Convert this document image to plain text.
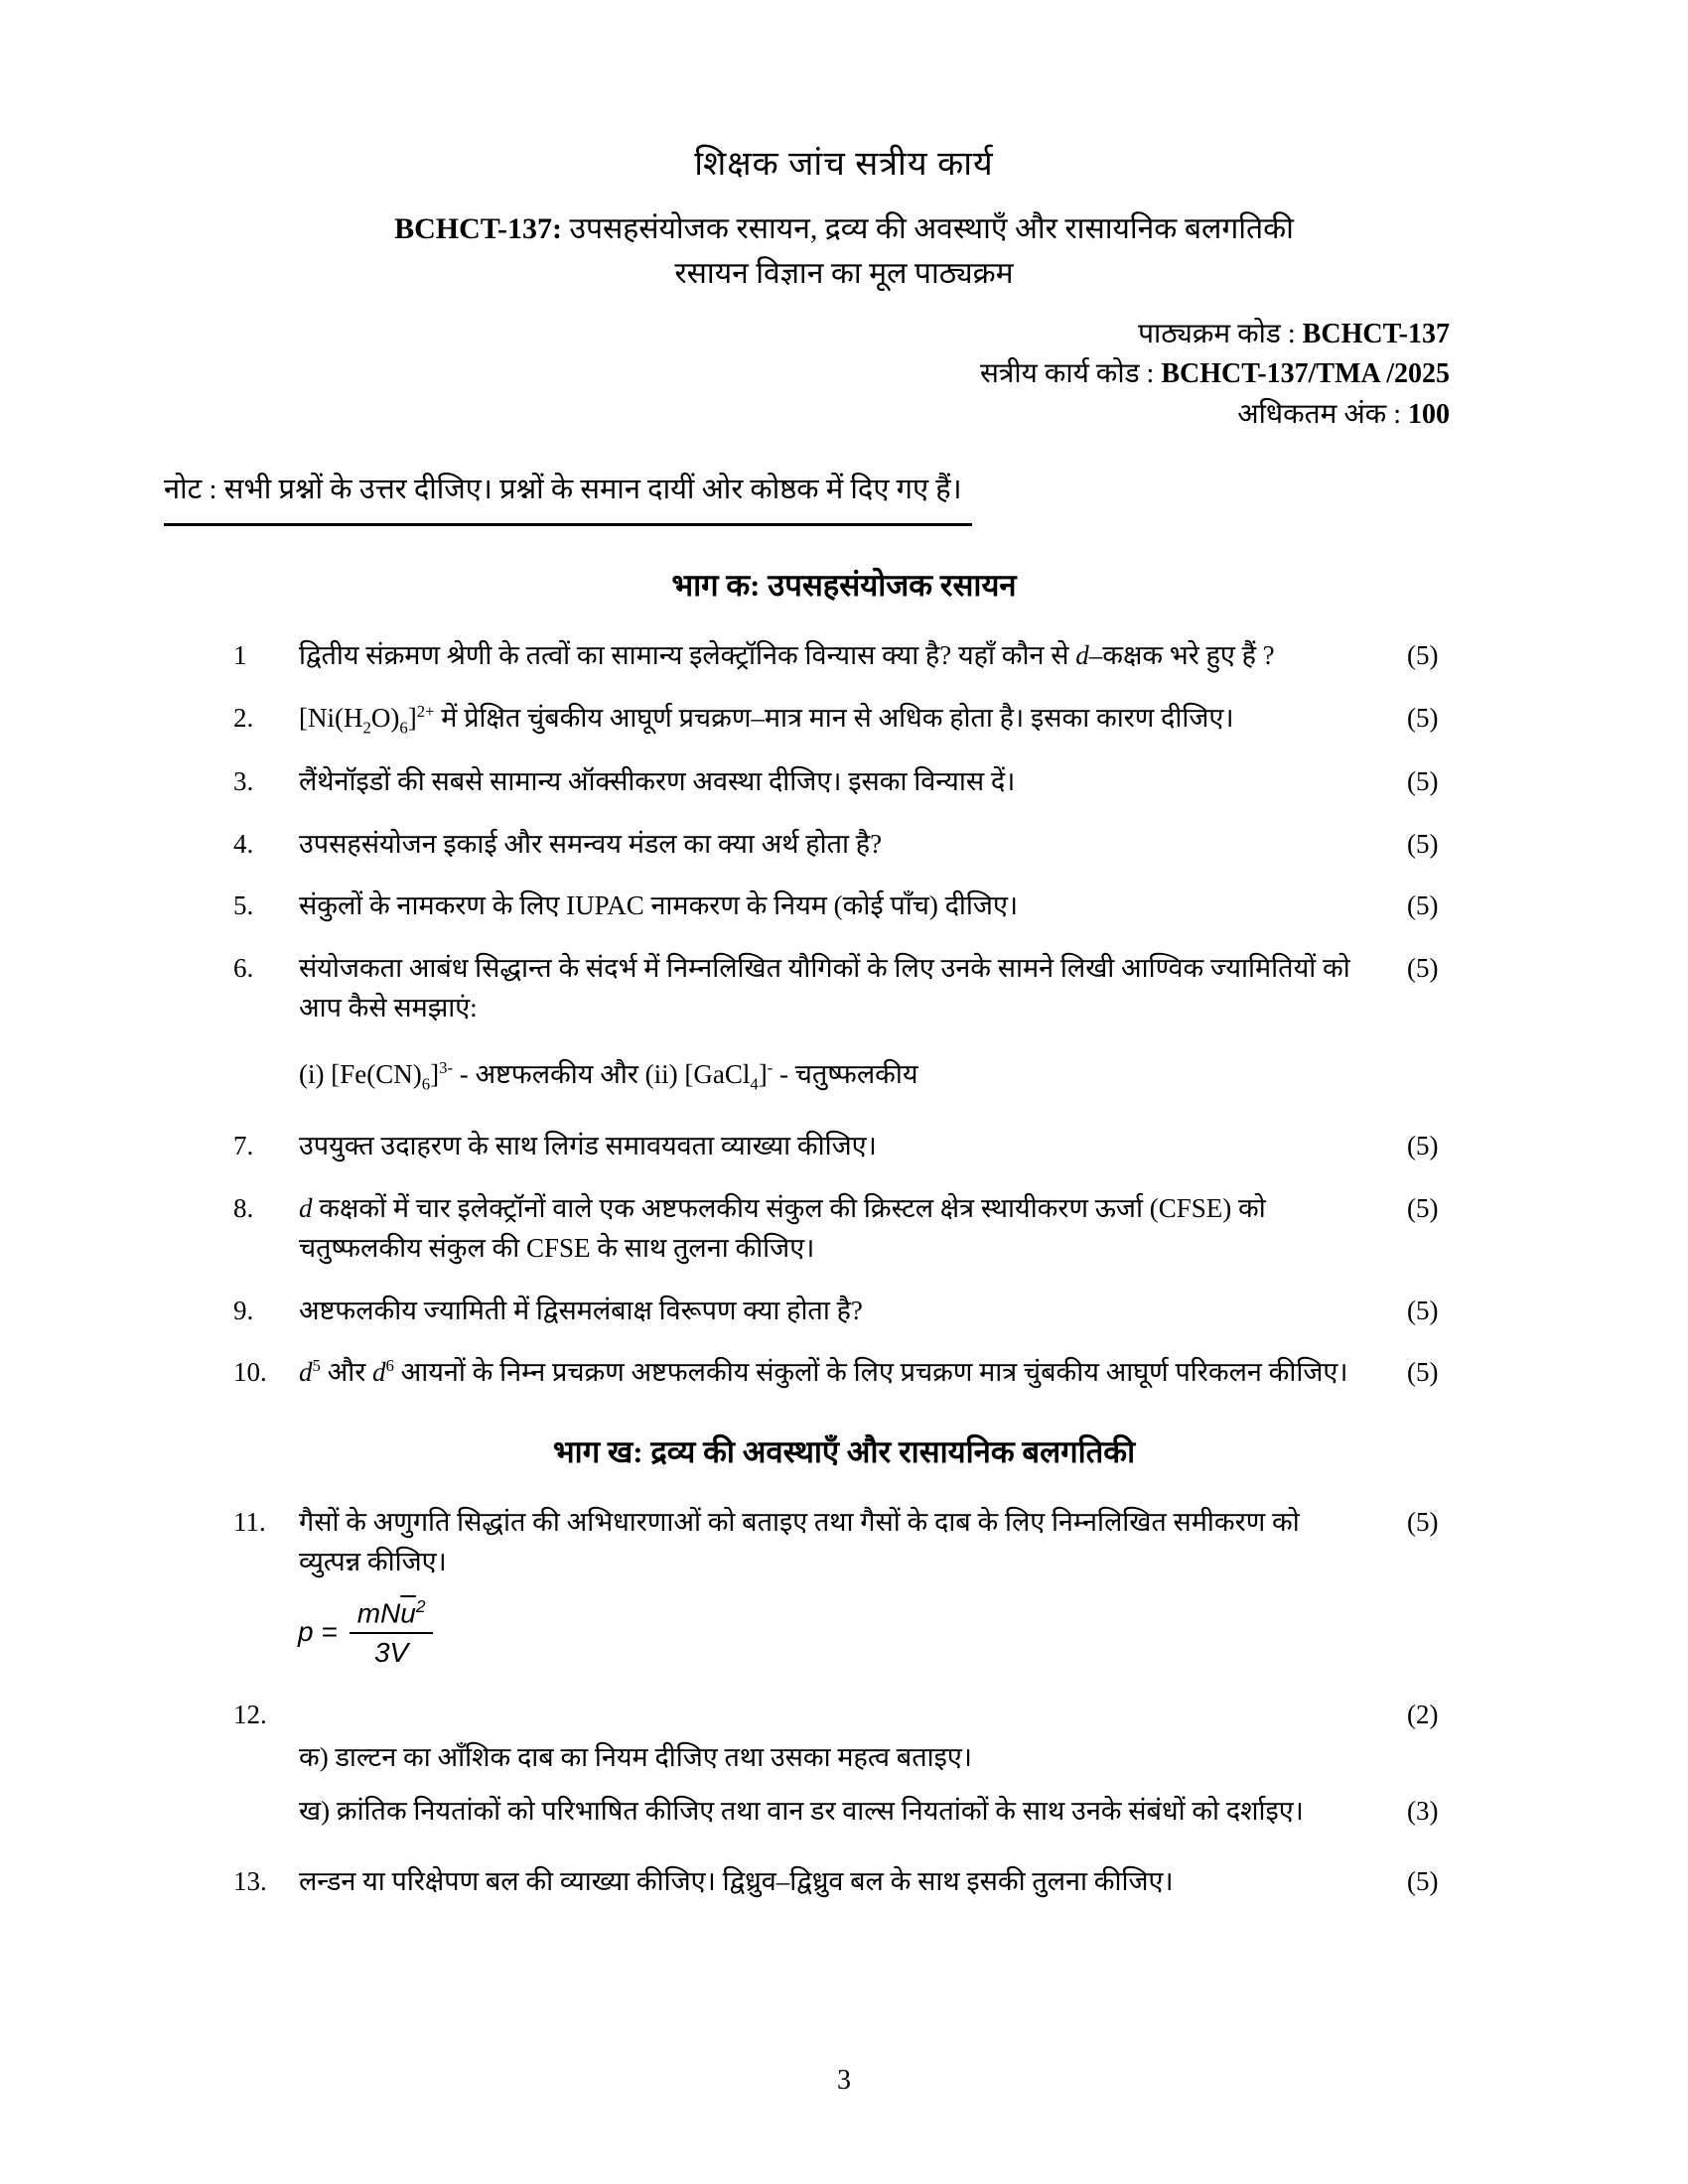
शिक्षक जांच सत्रीय कार्य
BCHCT-137: उपसहसंयोजक रसायन, द्रव्य की अवस्थाएँ और रासायनिक बलगतिकी
रसायन विज्ञान का मूल पाठ्यक्रम
पाठ्यक्रम कोड : BCHCT-137
सत्रीय कार्य कोड : BCHCT-137/TMA /2025
अधिकतम अंक : 100
नोट : सभी प्रश्नों के उत्तर दीजिए। प्रश्नों के समान दायीं ओर कोष्ठक में दिए गए हैं।
भाग क: उपसहसंयोजक रसायन
1	द्वितीय संक्रमण श्रेणी के तत्वों का सामान्य इलेक्ट्रॉनिक विन्यास क्या है? यहाँ कौन से d–कक्षक भरे हुए हैं ?	(5)
2.	$[Ni(H_2O)_6]^{2+}$ में प्रेक्षित चुंबकीय आघूर्ण प्रचक्रण–मात्र मान से अधिक होता है। इसका कारण दीजिए।	(5)
3.	लैंथेनॉइडों की सबसे सामान्य ऑक्सीकरण अवस्था दीजिए। इसका विन्यास दें।	(5)
4.	उपसहसंयोजन इकाई और समन्वय मंडल का क्या अर्थ होता है?	(5)
5.	संकुलों के नामकरण के लिए IUPAC नामकरण के नियम (कोई पाँच) दीजिए।	(5)
6.	संयोजकता आबंध सिद्धान्त के संदर्भ में निम्नलिखित यौगिकों के लिए उनके सामने लिखी आण्विक ज्यामितियों को आप कैसे समझाएं:
(5)
(i) $[Fe(CN)_6]^{3-}$ - अष्टफलकीय और (ii) [GaCl$_4$]- - चतुष्फलकीय
7.	उपयुक्त उदाहरण के साथ लिगंड समावयवता व्याख्या कीजिए।	(5)
8.	d कक्षकों में चार इलेक्ट्रॉनों वाले एक अष्टफलकीय संकुल की क्रिस्टल क्षेत्र स्थायीकरण ऊर्जा (CFSE) को चतुष्फलकीय संकुल की CFSE के साथ तुलना कीजिए।
(5)
9.	अष्टफलकीय ज्यामिती में द्विसमलंबाक्ष विरूपण क्या होता है?	(5)
10.	$d^5$ और $d^6$ आयनों के निम्न प्रचक्रण अष्टफलकीय संकुलों के लिए प्रचक्रण मात्र चुंबकीय आघूर्ण परिकलन कीजिए।	(5)
भाग ख: द्रव्य की अवस्थाएँ और रासायनिक बलगतिकी
11.	गैसों के अणुगति सिद्धांत की अभिधारणाओं को बताइए तथा गैसों के दाब के लिए निम्नलिखित समीकरण को व्युत्पन्न कीजिए।
(5)
$p = \frac{mN\overline{u}^2}{3V}$
12.	(2)
क) डाल्टन का आँशिक दाब का नियम दीजिए तथा उसका महत्व बताइए।
ख) क्रांतिक नियतांकों को परिभाषित कीजिए तथा वान डर वाल्स नियतांकों के साथ उनके संबंधों को दर्शाइए।	(3)
13.	लन्डन या परिक्षेपण बल की व्याख्या कीजिए। द्विध्रुव–द्विध्रुव बल के साथ इसकी तुलना कीजिए।	(5)
3
